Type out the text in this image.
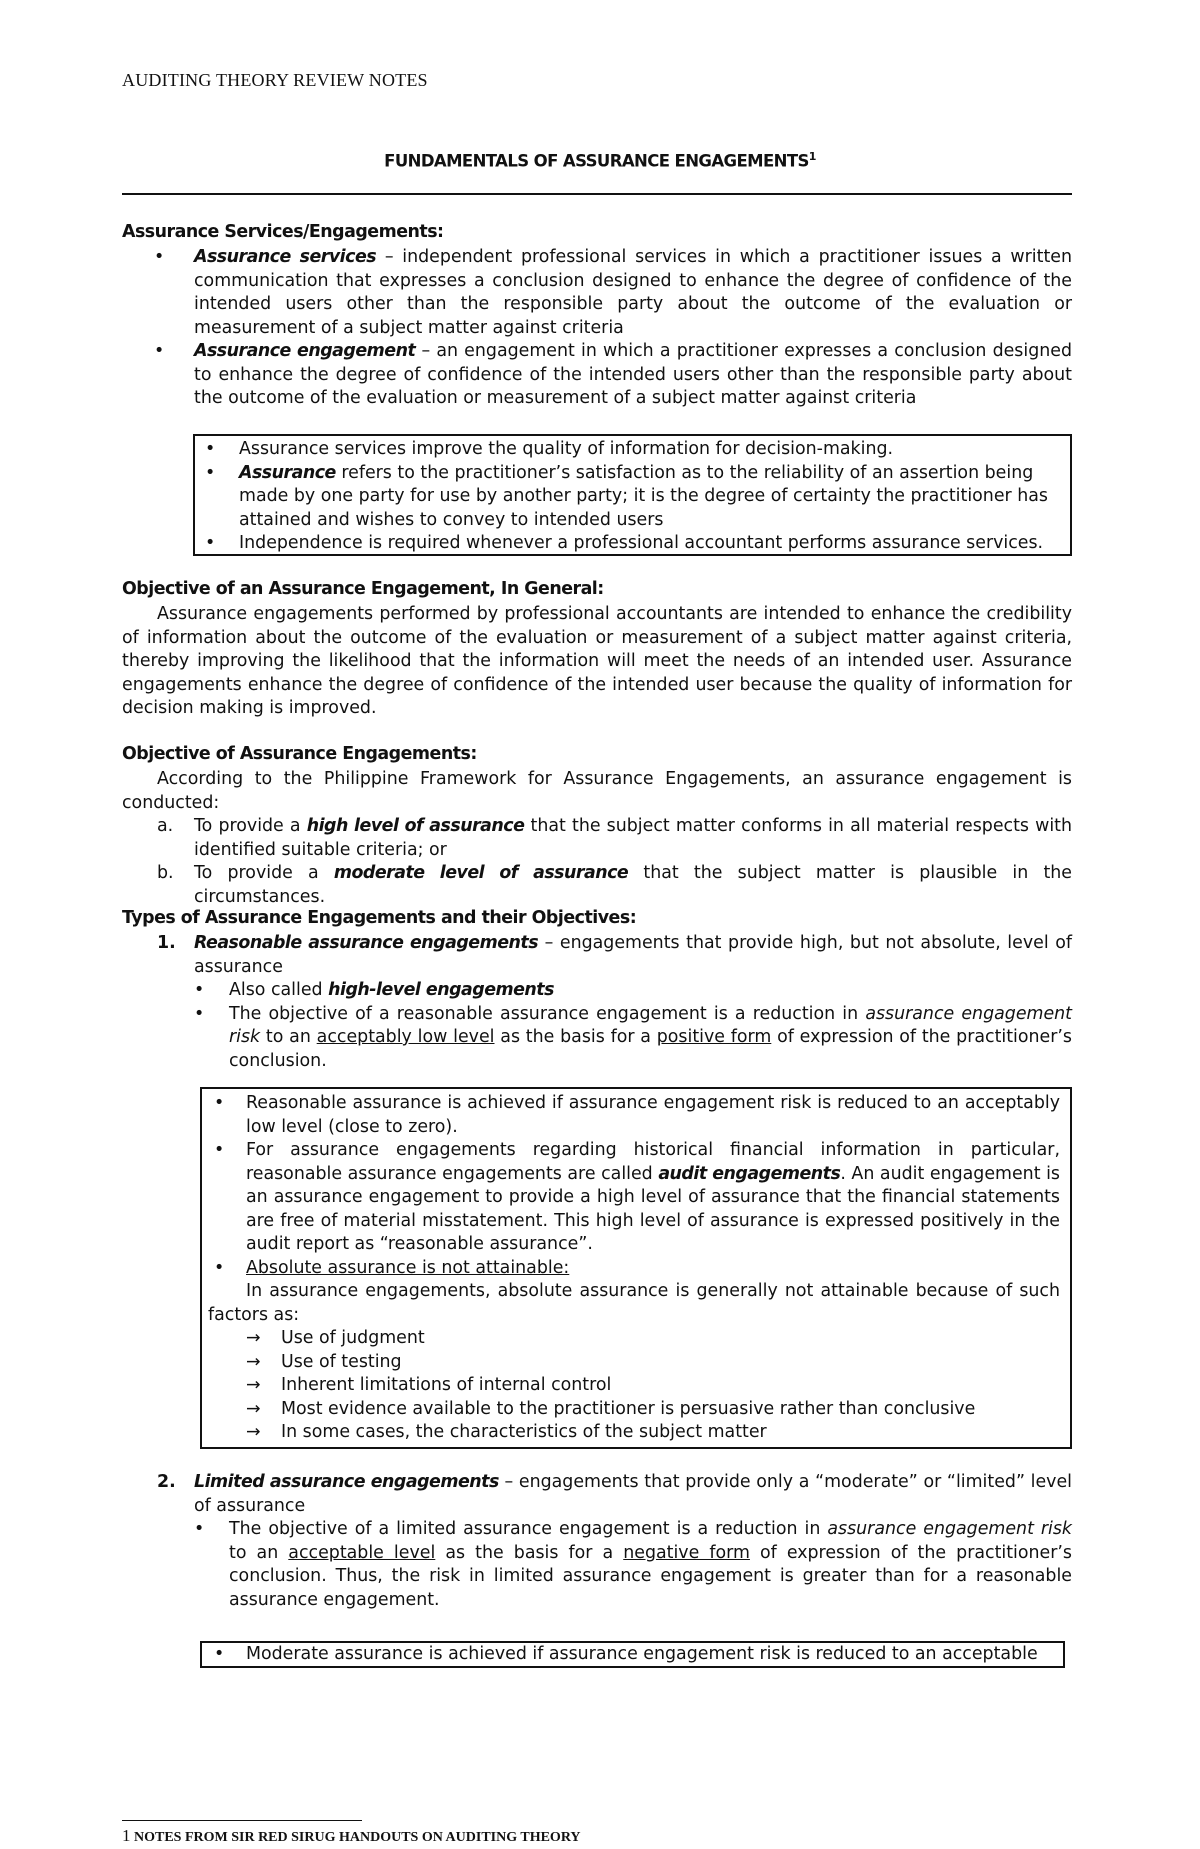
AUDITING THEORY REVIEW NOTES
FUNDAMENTALS OF ASSURANCE ENGAGEMENTS$^1$
Assurance Services/Engagements:
• Assurance services – independent professional services in which a practitioner issues a written communication that expresses a conclusion designed to enhance the degree of confidence of the intended users other than the responsible party about the outcome of the evaluation or measurement of a subject matter against criteria
• Assurance engagement – an engagement in which a practitioner expresses a conclusion designed to enhance the degree of confidence of the intended users other than the responsible party about the outcome of the evaluation or measurement of a subject matter against criteria
• Assurance services improve the quality of information for decision-making.
• Assurance refers to the practitioner’s satisfaction as to the reliability of an assertion being made by one party for use by another party; it is the degree of certainty the practitioner has attained and wishes to convey to intended users
• Independence is required whenever a professional accountant performs assurance services.
Objective of an Assurance Engagement, In General:
Assurance engagements performed by professional accountants are intended to enhance the credibility of information about the outcome of the evaluation or measurement of a subject matter against criteria, thereby improving the likelihood that the information will meet the needs of an intended user. Assurance engagements enhance the degree of confidence of the intended user because the quality of information for decision making is improved.
Objective of Assurance Engagements:
According to the Philippine Framework for Assurance Engagements, an assurance engagement is conducted:
a. To provide a high level of assurance that the subject matter conforms in all material respects with identified suitable criteria; or
b. To provide a moderate level of assurance that the subject matter is plausible in the circumstances.
Types of Assurance Engagements and their Objectives:
1. Reasonable assurance engagements – engagements that provide high, but not absolute, level of assurance
• Also called high-level engagements
• The objective of a reasonable assurance engagement is a reduction in assurance engagement risk to an acceptably low level as the basis for a positive form of expression of the practitioner’s conclusion.
• Reasonable assurance is achieved if assurance engagement risk is reduced to an acceptably low level (close to zero).
• For assurance engagements regarding historical financial information in particular, reasonable assurance engagements are called audit engagements. An audit engagement is an assurance engagement to provide a high level of assurance that the financial statements are free of material misstatement. This high level of assurance is expressed positively in the audit report as “reasonable assurance”.
• Absolute assurance is not attainable:
In assurance engagements, absolute assurance is generally not attainable because of such factors as:
→ Use of judgment
→ Use of testing
→ Inherent limitations of internal control
→ Most evidence available to the practitioner is persuasive rather than conclusive
→ In some cases, the characteristics of the subject matter
2. Limited assurance engagements – engagements that provide only a “moderate” or “limited” level of assurance
• The objective of a limited assurance engagement is a reduction in assurance engagement risk to an acceptable level as the basis for a negative form of expression of the practitioner’s conclusion. Thus, the risk in limited assurance engagement is greater than for a reasonable assurance engagement.
• Moderate assurance is achieved if assurance engagement risk is reduced to an acceptable
1 NOTES FROM SIR RED SIRUG HANDOUTS ON AUDITING THEORY
